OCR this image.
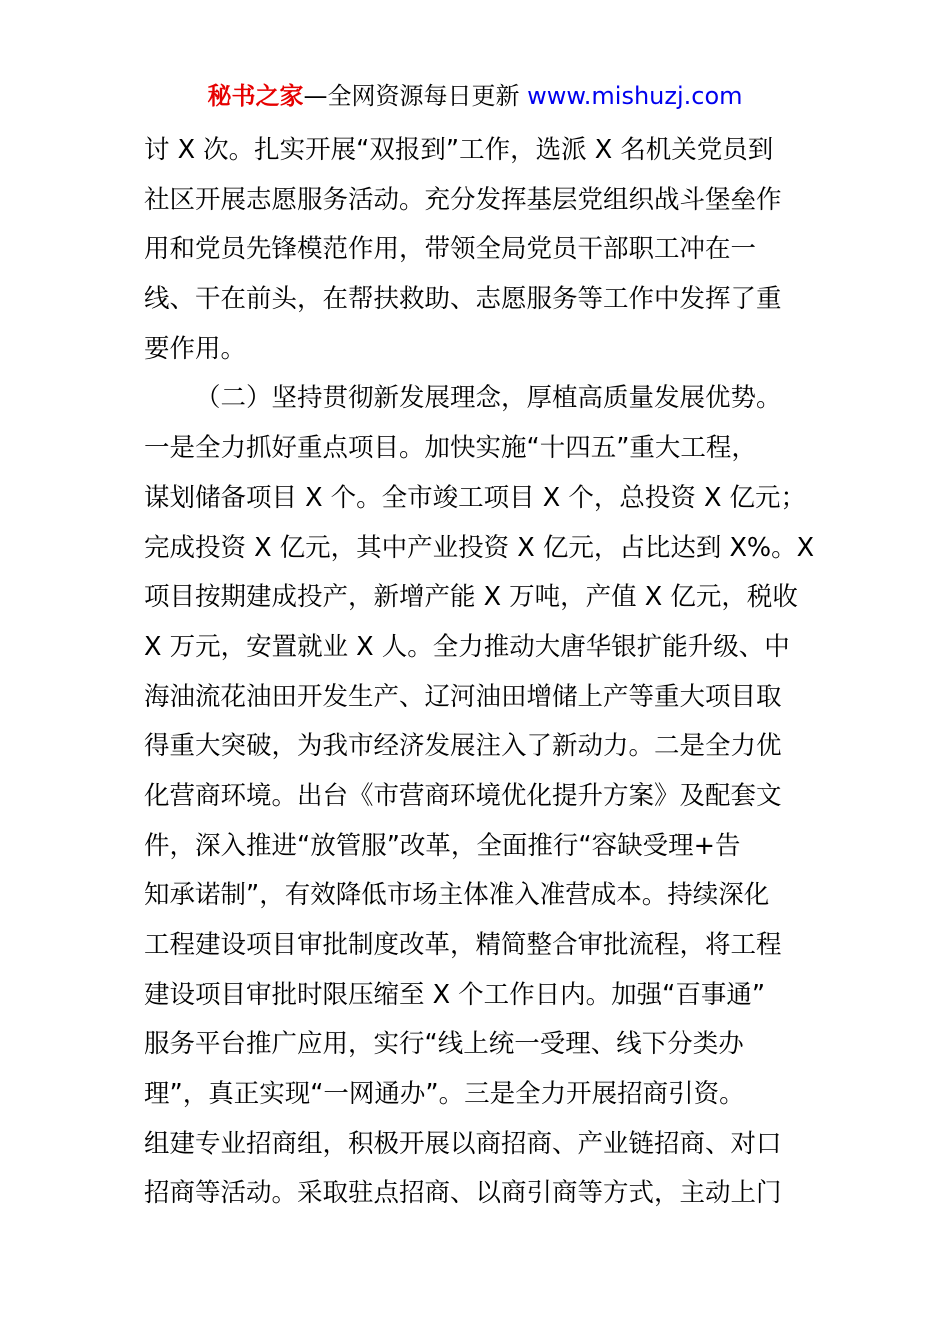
秘书之家—全网资源每日更新 www.mishuzj.com
讨 X 次。扎实开展“双报到”工作，选派 X 名机关党员到
社区开展志愿服务活动。充分发挥基层党组织战斗堡垒作
用和党员先锋模范作用，带领全局党员干部职工冲在一
线、干在前头，在帮扶救助、志愿服务等工作中发挥了重
要作用。
（二）坚持贯彻新发展理念，厚植高质量发展优势。
一是全力抓好重点项目。加快实施“十四五”重大工程，
谋划储备项目 X 个。全市竣工项目 X 个，总投资 X 亿元；
完成投资 X 亿元，其中产业投资 X 亿元，占比达到 X%。X
项目按期建成投产，新增产能 X 万吨，产值 X 亿元，税收
X 万元，安置就业 X 人。全力推动大唐华银扩能升级、中
海油流花油田开发生产、辽河油田增储上产等重大项目取
得重大突破，为我市经济发展注入了新动力。二是全力优
化营商环境。出台《市营商环境优化提升方案》及配套文
件，深入推进“放管服”改革，全面推行“容缺受理+告
知承诺制”，有效降低市场主体准入准营成本。持续深化
工程建设项目审批制度改革，精简整合审批流程，将工程
建设项目审批时限压缩至 X 个工作日内。加强“百事通”
服务平台推广应用，实行“线上统一受理、线下分类办
理”，真正实现“一网通办”。三是全力开展招商引资。
组建专业招商组，积极开展以商招商、产业链招商、对口
招商等活动。采取驻点招商、以商引商等方式，主动上门
